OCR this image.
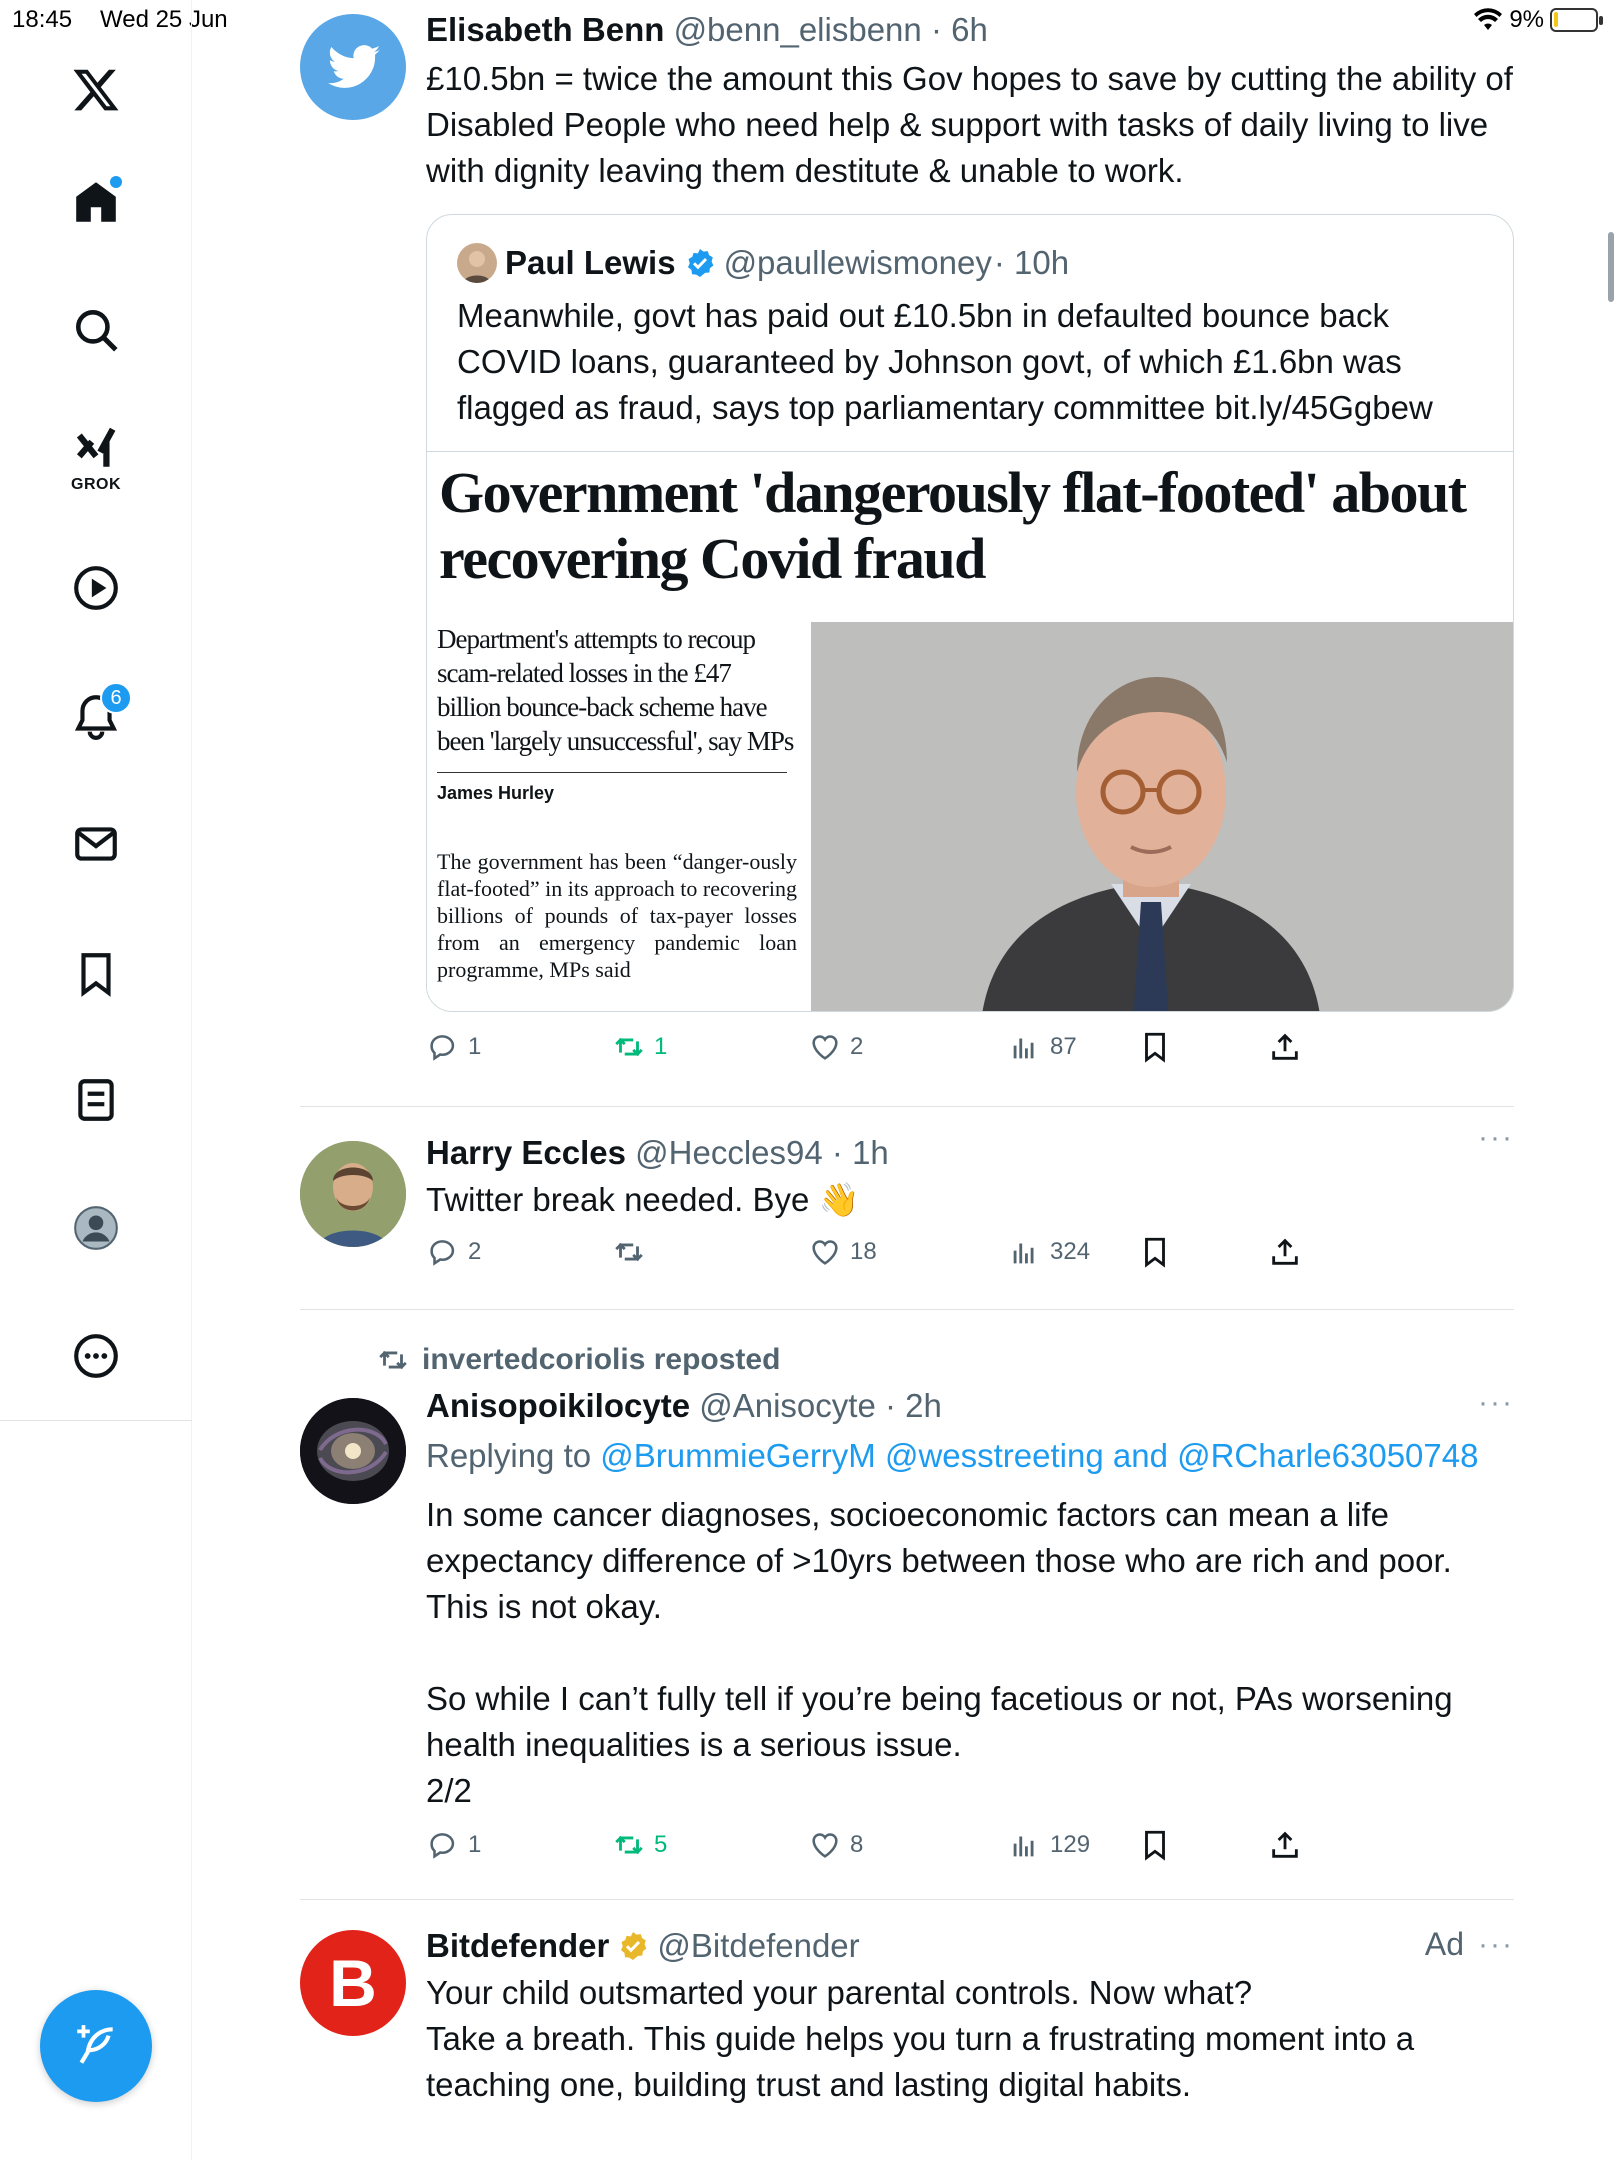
18:45 Wed 25 Jun	9%
GROK
6
Elisabeth Benn @benn_elisbenn · 6h
£10.5bn = twice the amount this Gov hopes to save by cutting the ability of Disabled People who need help & support with tasks of daily living to live with dignity leaving them destitute & unable to work.
Paul Lewis @paullewismoney · 10h
Meanwhile, govt has paid out £10.5bn in defaulted bounce back COVID loans, guaranteed by Johnson govt, of which £1.6bn was flagged as fraud, says top parliamentary committee bit.ly/45Ggbew
Government 'dangerously flat-footed' about recovering Covid fraud
Department's attempts to recoup scam-related losses in the £47 billion bounce-back scheme have been 'largely unsuccessful', say MPs
James Hurley
The government has been “danger-ously flat-footed” in its approach to recovering billions of pounds of tax-payer losses from an emergency pandemic loan programme, MPs said
1	1	2	87
···
Harry Eccles @Heccles94 · 1h
Twitter break needed. Bye 👋
2	18	324
invertedcoriolis reposted
···
Anisopoikilocyte @Anisocyte · 2h
Replying to @BrummieGerryM @wesstreeting and @RCharle63050748
In some cancer diagnoses, socioeconomic factors can mean a life expectancy difference of >10yrs between those who are rich and poor. This is not okay.
So while I can’t fully tell if you’re being facetious or not, PAs worsening health inequalities is a serious issue.
2/2
1	5	8	129
B
Ad ···
Bitdefender @Bitdefender
Your child outsmarted your parental controls. Now what?
Take a breath. This guide helps you turn a frustrating moment into a teaching one, building trust and lasting digital habits.
